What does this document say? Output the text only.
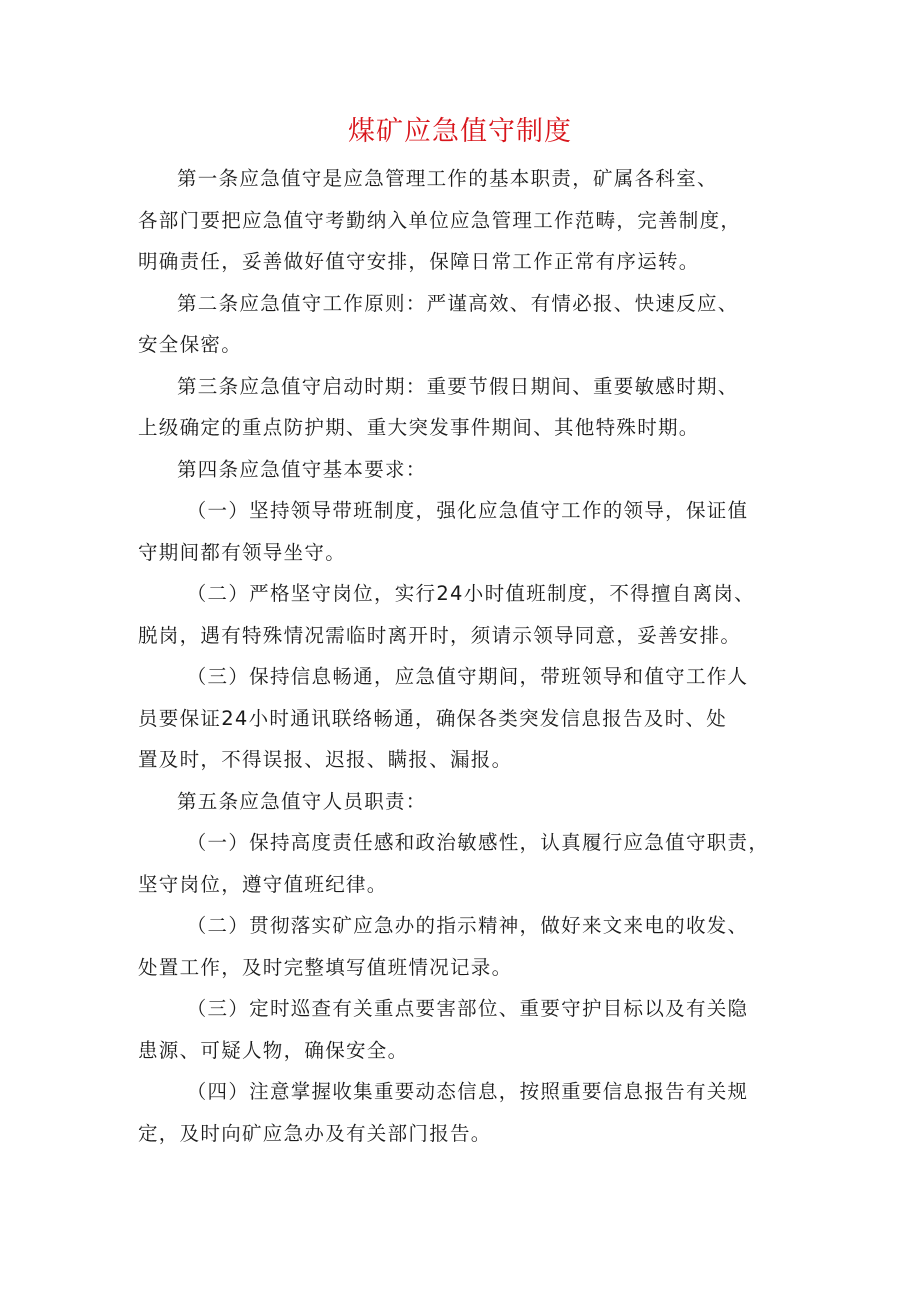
煤矿应急值守制度

第一条应急值守是应急管理工作的基本职责，矿属各科室、
各部门要把应急值守考勤纳入单位应急管理工作范畴，完善制度，
明确责任，妥善做好值守安排，保障日常工作正常有序运转。

第二条应急值守工作原则：严谨高效、有情必报、快速反应、
安全保密。

第三条应急值守启动时期：重要节假日期间、重要敏感时期、
上级确定的重点防护期、重大突发事件期间、其他特殊时期。

第四条应急值守基本要求：

（一）坚持领导带班制度，强化应急值守工作的领导，保证值
守期间都有领导坐守。

（二）严格坚守岗位，实行24小时值班制度，不得擅自离岗、
脱岗，遇有特殊情况需临时离开时，须请示领导同意，妥善安排。

（三）保持信息畅通，应急值守期间，带班领导和值守工作人
员要保证24小时通讯联络畅通，确保各类突发信息报告及时、处
置及时，不得误报、迟报、瞒报、漏报。

第五条应急值守人员职责：

（一）保持高度责任感和政治敏感性，认真履行应急值守职责，
坚守岗位，遵守值班纪律。

（二）贯彻落实矿应急办的指示精神，做好来文来电的收发、
处置工作，及时完整填写值班情况记录。

（三）定时巡查有关重点要害部位、重要守护目标以及有关隐
患源、可疑人物，确保安全。

（四）注意掌握收集重要动态信息，按照重要信息报告有关规
定，及时向矿应急办及有关部门报告。
